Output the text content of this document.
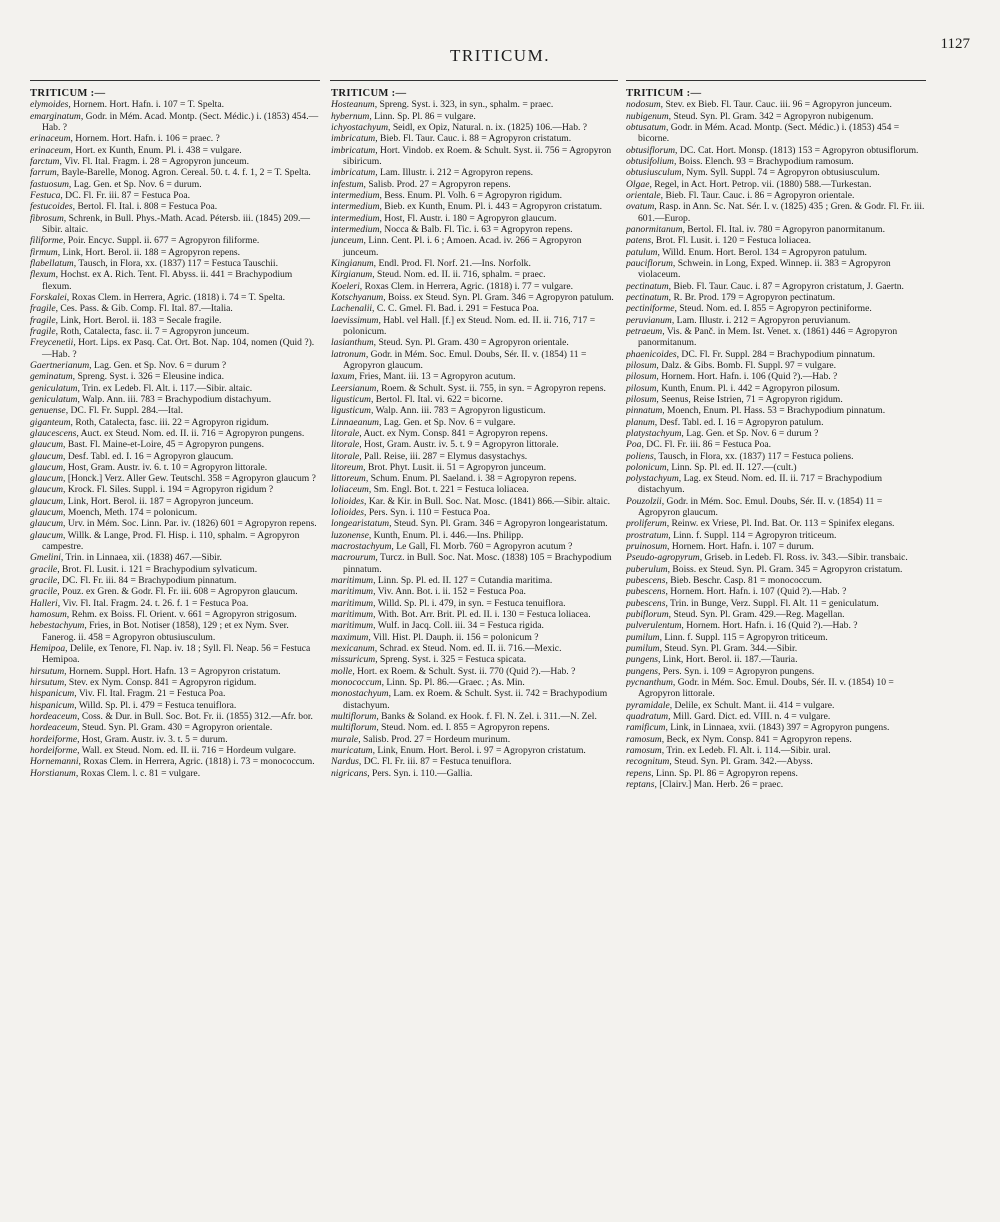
TRITICUM.
1127
TRITICUM :—
elymoides, Hornem. Hort. Hafn. i. 107 = T. Spelta.
emarginatum, Godr. in Mém. Acad. Montp. (Sect. Médic.) i. (1853) 454.—Hab. ?
erinaceum, Hornem. Hort. Hafn. i. 106 = praec. ?
erinaceum, Hort. ex Kunth, Enum. Pl. i. 438 = vulgare.
farctum, Viv. Fl. Ital. Fragm. i. 28 = Agropyron junceum.
farrum, Bayle-Barelle, Monog. Agron. Cereal. 50. t. 4. f. 1, 2 = T. Spelta.
fastuosum, Lag. Gen. et Sp. Nov. 6 = durum.
Festuca, DC. Fl. Fr. iii. 87 = Festuca Poa.
festucoides, Bertol. Fl. Ital. i. 808 = Festuca Poa.
fibrosum, Schrenk, in Bull. Phys.-Math. Acad. Pétersb. iii. (1845) 209.—Sibir. altaic.
filiforme, Poir. Encyc. Suppl. ii. 677 = Agropyron filiforme.
firmum, Link, Hort. Berol. ii. 188 = Agropyron repens.
flabellatum, Tausch, in Flora, xx. (1837) 117 = Festuca Tauschii.
flexum, Hochst. ex A. Rich. Tent. Fl. Abyss. ii. 441 = Brachypodium flexum.
Forskalei, Roxas Clem. in Herrera, Agric. (1818) i. 74 = T. Spelta.
fragile, Ces. Pass. & Gib. Comp. Fl. Ital. 87.—Italia.
fragile, Link, Hort. Berol. ii. 183 = Secale fragile.
fragile, Roth, Catalecta, fasc. ii. 7 = Agropyron junceum.
Freycenetii, Hort. Lips. ex Pasq. Cat. Ort. Bot. Nap. 104, nomen (Quid ?).—Hab. ?
Gaertnerianum, Lag. Gen. et Sp. Nov. 6 = durum ?
geminatum, Spreng. Syst. i. 326 = Eleusine indica.
geniculatum, Trin. ex Ledeb. Fl. Alt. i. 117.—Sibir. altaic.
geniculatum, Walp. Ann. iii. 783 = Brachypodium distachyum.
genuense, DC. Fl. Fr. Suppl. 284.—Ital.
giganteum, Roth, Catalecta, fasc. iii. 22 = Agropyron rigidum.
glaucescens, Auct. ex Steud. Nom. ed. II. ii. 716 = Agropyron pungens.
glaucum, Bast. Fl. Maine-et-Loire, 45 = Agropyron pungens.
glaucum, Desf. Tabl. ed. I. 16 = Agropyron glaucum.
glaucum, Host, Gram. Austr. iv. 6. t. 10 = Agropyron littorale.
glaucum, [Honck.] Verz. Aller Gew. Teutschl. 358 = Agropyron glaucum ?
glaucum, Krock. Fl. Siles. Suppl. i. 194 = Agropyron rigidum ?
glaucum, Link, Hort. Berol. ii. 187 = Agropyron junceum.
glaucum, Moench, Meth. 174 = polonicum.
glaucum, Urv. in Mém. Soc. Linn. Par. iv. (1826) 601 = Agropyron repens.
glaucum, Willk. & Lange, Prod. Fl. Hisp. i. 110, sphalm. = Agropyron campestre.
Gmelini, Trin. in Linnaea, xii. (1838) 467.—Sibir.
gracile, Brot. Fl. Lusit. i. 121 = Brachypodium sylvaticum.
gracile, DC. Fl. Fr. iii. 84 = Brachypodium pinnatum.
gracile, Pouz. ex Gren. & Godr. Fl. Fr. iii. 608 = Agropyron glaucum.
Halleri, Viv. Fl. Ital. Fragm. 24. t. 26. f. 1 = Festuca Poa.
hamosum, Rehm. ex Boiss. Fl. Orient. v. 661 = Agropyron strigosum.
hebestachyum, Fries, in Bot. Notiser (1858), 129 ; et ex Nym. Sver. Fanerog. ii. 458 = Agropyron obtusiusculum.
Hemipoa, Delile, ex Tenore, Fl. Nap. iv. 18 ; Syll. Fl. Neap. 56 = Festuca Hemipoa.
hirsutum, Hornem. Suppl. Hort. Hafn. 13 = Agropyron cristatum.
hirsutum, Stev. ex Nym. Consp. 841 = Agropyron rigidum.
hispanicum, Viv. Fl. Ital. Fragm. 21 = Festuca Poa.
hispanicum, Willd. Sp. Pl. i. 479 = Festuca tenuiflora.
hordeaceum, Coss. & Dur. in Bull. Soc. Bot. Fr. ii. (1855) 312.—Afr. bor.
hordeaceum, Steud. Syn. Pl. Gram. 430 = Agropyron orientale.
hordeiforme, Host, Gram. Austr. iv. 3. t. 5 = durum.
hordeiforme, Wall. ex Steud. Nom. ed. II. ii. 716 = Hordeum vulgare.
Hornemanni, Roxas Clem. in Herrera, Agric. (1818) i. 73 = monococcum.
Horstianum, Roxas Clem. l. c. 81 = vulgare.
TRITICUM :—
Hosteanum, Spreng. Syst. i. 323, in syn., sphalm. = praec.
hybernum, Linn. Sp. Pl. 86 = vulgare.
ichyostachyum, Seidl, ex Opiz, Natural. n. ix. (1825) 106.—Hab. ?
imbricatum, Bieb. Fl. Taur. Cauc. i. 88 = Agropyron cristatum.
imbricatum, Hort. Vindob. ex Roem. & Schult. Syst. ii. 756 = Agropyron sibiricum.
imbricatum, Lam. Illustr. i. 212 = Agropyron repens.
infestum, Salisb. Prod. 27 = Agropyron repens.
intermedium, Bess. Enum. Pl. Volh. 6 = Agropyron rigidum.
intermedium, Bieb. ex Kunth, Enum. Pl. i. 443 = Agropyron cristatum.
intermedium, Host, Fl. Austr. i. 180 = Agropyron glaucum.
intermedium, Nocca & Balb. Fl. Tic. i. 63 = Agropyron repens.
junceum, Linn. Cent. Pl. i. 6 ; Amoen. Acad. iv. 266 = Agropyron junceum.
Kingianum, Endl. Prod. Fl. Norf. 21.—Ins. Norfolk.
Kirgianum, Steud. Nom. ed. II. ii. 716, sphalm. = praec.
Koeleri, Roxas Clem. in Herrera, Agric. (1818) i. 77 = vulgare.
Kotschyanum, Boiss. ex Steud. Syn. Pl. Gram. 346 = Agropyron patulum.
Lachenalii, C. C. Gmel. Fl. Bad. i. 291 = Festuca Poa.
laevissimum, Habl. vel Hall. [f.] ex Steud. Nom. ed. II. ii. 716, 717 = polonicum.
lasianthum, Steud. Syn. Pl. Gram. 430 = Agropyron orientale.
latronum, Godr. in Mém. Soc. Emul. Doubs, Sér. II. v. (1854) 11 = Agropyron glaucum.
laxum, Fries, Mant. iii. 13 = Agropyron acutum.
Leersianum, Roem. & Schult. Syst. ii. 755, in syn. = Agropyron repens.
ligusticum, Bertol. Fl. Ital. vi. 622 = bicorne.
ligusticum, Walp. Ann. iii. 783 = Agropyron ligusticum.
Linnaeanum, Lag. Gen. et Sp. Nov. 6 = vulgare.
litorale, Auct. ex Nym. Consp. 841 = Agropyron repens.
litorale, Host, Gram. Austr. iv. 5. t. 9 = Agropyron littorale.
litorale, Pall. Reise, iii. 287 = Elymus dasystachys.
litoreum, Brot. Phyt. Lusit. ii. 51 = Agropyron junceum.
littoreum, Schum. Enum. Pl. Saeland. i. 38 = Agropyron repens.
loliaceum, Sm. Engl. Bot. t. 221 = Festuca loliacea.
lolioides, Kar. & Kir. in Bull. Soc. Nat. Mosc. (1841) 866.—Sibir. altaic.
lolioides, Pers. Syn. i. 110 = Festuca Poa.
longearistatum, Steud. Syn. Pl. Gram. 346 = Agropyron longearistatum.
luzonense, Kunth, Enum. Pl. i. 446.—Ins. Philipp.
macrostachyum, Le Gall, Fl. Morb. 760 = Agropyron acutum ?
macrourum, Turcz. in Bull. Soc. Nat. Mosc. (1838) 105 = Brachypodium pinnatum.
maritimum, Linn. Sp. Pl. ed. II. 127 = Cutandia maritima.
maritimum, Viv. Ann. Bot. i. ii. 152 = Festuca Poa.
maritimum, Willd. Sp. Pl. i. 479, in syn. = Festuca tenuiflora.
maritimum, With. Bot. Arr. Brit. Pl. ed. II. i. 130 = Festuca loliacea.
maritimum, Wulf. in Jacq. Coll. iii. 34 = Festuca rigida.
maximum, Vill. Hist. Pl. Dauph. ii. 156 = polonicum ?
mexicanum, Schrad. ex Steud. Nom. ed. II. ii. 716.—Mexic.
missuricum, Spreng. Syst. i. 325 = Festuca spicata.
molle, Hort. ex Roem. & Schult. Syst. ii. 770 (Quid ?).—Hab. ?
monococcum, Linn. Sp. Pl. 86.—Graec. ; As. Min.
monostachyum, Lam. ex Roem. & Schult. Syst. ii. 742 = Brachypodium distachyum.
multiflorum, Banks & Soland. ex Hook. f. Fl. N. Zel. i. 311.—N. Zel.
multiflorum, Steud. Nom. ed. I. 855 = Agropyron repens.
murale, Salisb. Prod. 27 = Hordeum murinum.
muricatum, Link, Enum. Hort. Berol. i. 97 = Agropyron cristatum.
Nardus, DC. Fl. Fr. iii. 87 = Festuca tenuiflora.
nigricans, Pers. Syn. i. 110.—Gallia.
TRITICUM :—
nodosum, Stev. ex Bieb. Fl. Taur. Cauc. iii. 96 = Agropyron junceum.
nubigenum, Steud. Syn. Pl. Gram. 342 = Agropyron nubigenum.
obtusatum, Godr. in Mém. Acad. Montp. (Sect. Médic.) i. (1853) 454 = bicorne.
obtusiflorum, DC. Cat. Hort. Monsp. (1813) 153 = Agropyron obtusiflorum.
obtusifolium, Boiss. Elench. 93 = Brachypodium ramosum.
obtusiusculum, Nym. Syll. Suppl. 74 = Agropyron obtusiusculum.
Olgae, Regel, in Act. Hort. Petrop. vii. (1880) 588.—Turkestan.
orientale, Bieb. Fl. Taur. Cauc. i. 86 = Agropyron orientale.
ovatum, Rasp. in Ann. Sc. Nat. Sér. I. v. (1825) 435 ; Gren. & Godr. Fl. Fr. iii. 601.—Europ.
panormitanum, Bertol. Fl. Ital. iv. 780 = Agropyron panormitanum.
patens, Brot. Fl. Lusit. i. 120 = Festuca loliacea.
patulum, Willd. Enum. Hort. Berol. 134 = Agropyron patulum.
pauciflorum, Schwein. in Long, Exped. Winnep. ii. 383 = Agropyron violaceum.
pectinatum, Bieb. Fl. Taur. Cauc. i. 87 = Agropyron cristatum, J. Gaertn.
pectinatum, R. Br. Prod. 179 = Agropyron pectinatum.
pectiniforme, Steud. Nom. ed. I. 855 = Agropyron pectiniforme.
peruvianum, Lam. Illustr. i. 212 = Agropyron peruvianum.
petraeum, Vis. & Panč. in Mem. Ist. Venet. x. (1861) 446 = Agropyron panormitanum.
phaenicoides, DC. Fl. Fr. Suppl. 284 = Brachypodium pinnatum.
pilosum, Dalz. & Gibs. Bomb. Fl. Suppl. 97 = vulgare.
pilosum, Hornem. Hort. Hafn. i. 106 (Quid ?).—Hab. ?
pilosum, Kunth, Enum. Pl. i. 442 = Agropyron pilosum.
pilosum, Seenus, Reise Istrien, 71 = Agropyron rigidum.
pinnatum, Moench, Enum. Pl. Hass. 53 = Brachypodium pinnatum.
planum, Desf. Tabl. ed. I. 16 = Agropyron patulum.
platystachyum, Lag. Gen. et Sp. Nov. 6 = durum ?
Poa, DC. Fl. Fr. iii. 86 = Festuca Poa.
poliens, Tausch, in Flora, xx. (1837) 117 = Festuca poliens.
polonicum, Linn. Sp. Pl. ed. II. 127.—(cult.)
polystachyum, Lag. ex Steud. Nom. ed. II. ii. 717 = Brachypodium distachyum.
Pouzolzii, Godr. in Mém. Soc. Emul. Doubs, Sér. II. v. (1854) 11 = Agropyron glaucum.
proliferum, Reinw. ex Vriese, Pl. Ind. Bat. Or. 113 = Spinifex elegans.
prostratum, Linn. f. Suppl. 114 = Agropyron triticeum.
pruinosum, Hornem. Hort. Hafn. i. 107 = durum.
Pseudo-agropyrum, Griseb. in Ledeb. Fl. Ross. iv. 343.—Sibir. transbaic.
puberulum, Boiss. ex Steud. Syn. Pl. Gram. 345 = Agropyron cristatum.
pubescens, Bieb. Beschr. Casp. 81 = monococcum.
pubescens, Hornem. Hort. Hafn. i. 107 (Quid ?).—Hab. ?
pubescens, Trin. in Bunge, Verz. Suppl. Fl. Alt. 11 = geniculatum.
pubiflorum, Steud. Syn. Pl. Gram. 429.—Reg. Magellan.
pulverulentum, Hornem. Hort. Hafn. i. 16 (Quid ?).—Hab. ?
pumilum, Linn. f. Suppl. 115 = Agropyron triticeum.
pumilum, Steud. Syn. Pl. Gram. 344.—Sibir.
pungens, Link, Hort. Berol. ii. 187.—Tauria.
pungens, Pers. Syn. i. 109 = Agropyron pungens.
pycnanthum, Godr. in Mém. Soc. Emul. Doubs, Sér. II. v. (1854) 10 = Agropyron littorale.
pyramidale, Delile, ex Schult. Mant. ii. 414 = vulgare.
quadratum, Mill. Gard. Dict. ed. VIII. n. 4 = vulgare.
ramificum, Link, in Linnaea, xvii. (1843) 397 = Agropyron pungens.
ramosum, Beck, ex Nym. Consp. 841 = Agropyron repens.
ramosum, Trin. ex Ledeb. Fl. Alt. i. 114.—Sibir. ural.
recognitum, Steud. Syn. Pl. Gram. 342.—Abyss.
repens, Linn. Sp. Pl. 86 = Agropyron repens.
reptans, [Clairv.] Man. Herb. 26 = praec.
